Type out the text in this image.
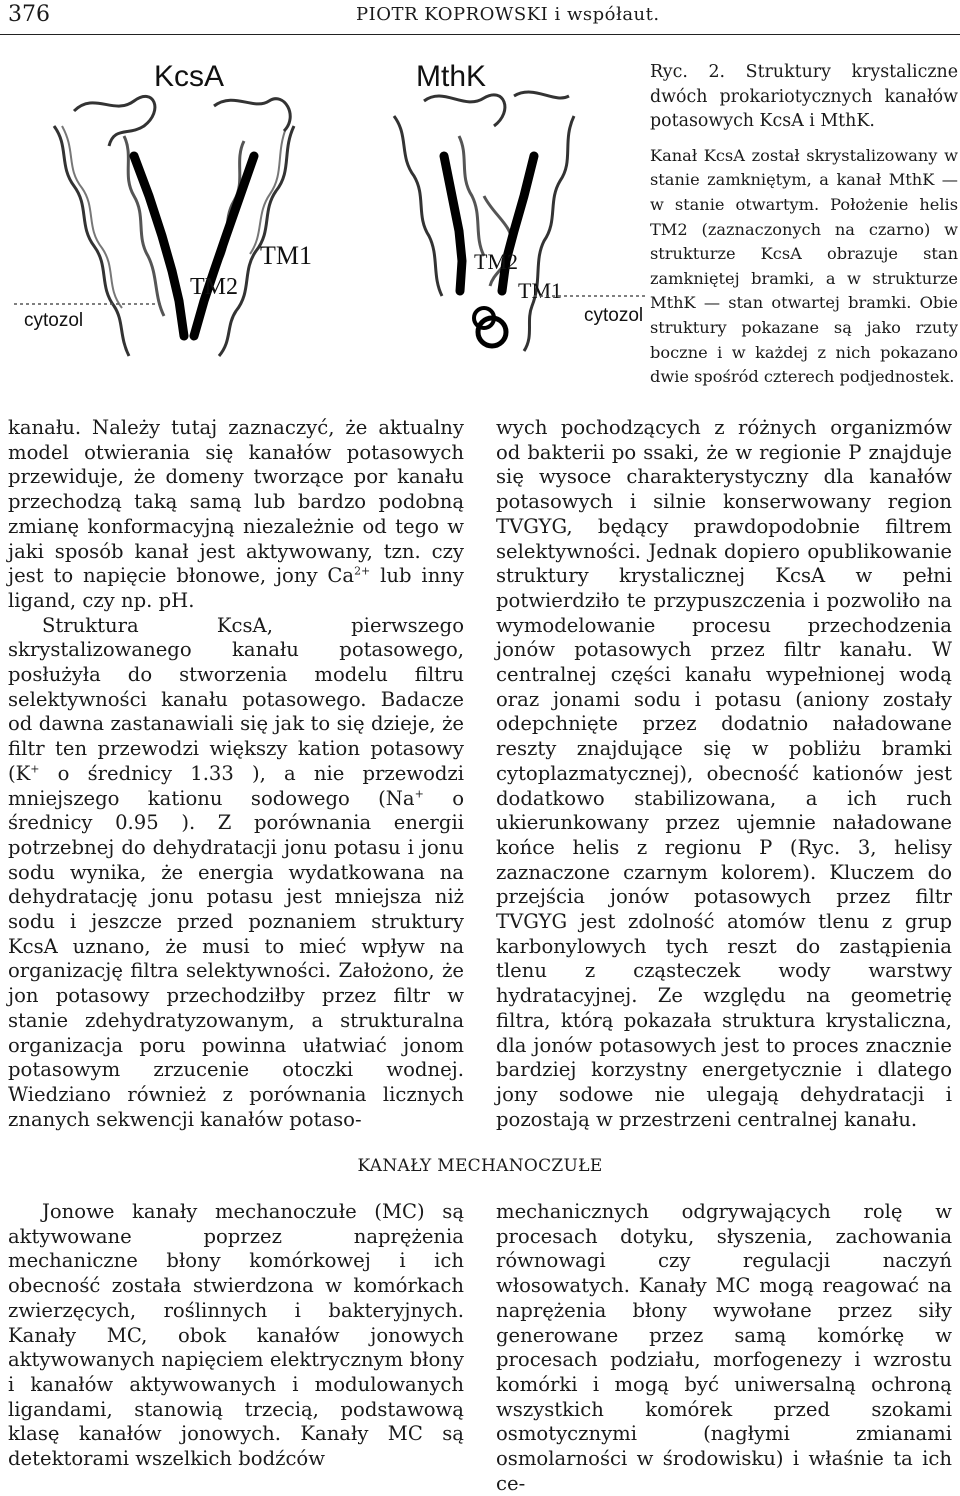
376	PIOTR KOPROWSKI i współaut.
KcsA	MthK
TM1
TM2
cytozol
TM2
TM1
cytozol

Ryc. 2. Struktury krystaliczne dwóch prokariotycznych kanałów potasowych KcsA i MthK.

Kanał KcsA został skrystalizowany w stanie zamkniętym, a kanał MthK — w stanie otwartym. Położenie helis TM2 (zaznaczonych na czarno) w strukturze KcsA obrazuje stan zamkniętej bramki, a w strukturze MthK — stan otwartej bramki. Obie struktury pokazane są jako rzuty boczne i w każdej z nich pokazano dwie spośród czterech podjednostek.

kanału. Należy tutaj zaznaczyć, że aktualny model otwierania się kanałów potasowych przewiduje, że domeny tworzące por kanału przechodzą taką samą lub bardzo podobną zmianę konformacyjną niezależnie od tego w jaki sposób kanał jest aktywowany, tzn. czy jest to napięcie błonowe, jony $Ca^{2+}$ lub inny ligand, czy np. pH.

Struktura KcsA, pierwszego skrystalizowanego kanału potasowego, posłużyła do stworzenia modelu filtru selektywności kanału potasowego. Badacze od dawna zastanawiali się jak to się dzieje, że filtr ten przewodzi większy kation potasowy (K+ o średnicy 1.33 ), a nie przewodzi mniejszego kationu sodowego (Na+ o średnicy 0.95 ). Z porównania energii potrzebnej do dehydratacji jonu potasu i jonu sodu wynika, że energia wydatkowana na dehydratację jonu potasu jest mniejsza niż sodu i jeszcze przed poznaniem struktury KcsA uznano, że musi to mieć wpływ na organizację filtra selektywności. Założono, że jon potasowy przechodziłby przez filtr w stanie zdehydratyzowanym, a strukturalna organizacja poru powinna ułatwiać jonom potasowym zrzucenie otoczki wodnej. Wiedziano również z porównania licznych znanych sekwencji kanałów potaso-

wych pochodzących z różnych organizmów od bakterii po ssaki, że w regionie P znajduje się wysoce charakterystyczny dla kanałów potasowych i silnie konserwowany region TVGYG, będący prawdopodobnie filtrem selektywności. Jednak dopiero opublikowanie struktury krystalicznej KcsA w pełni potwierdziło te przypuszczenia i pozwoliło na wymodelowanie procesu przechodzenia jonów potasowych przez filtr kanału. W centralnej części kanału wypełnionej wodą oraz jonami sodu i potasu (aniony zostały odepchnięte przez dodatnio naładowane reszty znajdujące się w pobliżu bramki cytoplazmatycznej), obecność kationów jest dodatkowo stabilizowana, a ich ruch ukierunkowany przez ujemnie naładowane końce helis z regionu P (Ryc. 3, helisy zaznaczone czarnym kolorem). Kluczem do przejścia jonów potasowych przez filtr TVGYG jest zdolność atomów tlenu z grup karbonylowych tych reszt do zastąpienia tlenu z cząsteczek wody warstwy hydratacyjnej. Ze względu na geometrię filtra, którą pokazała struktura krystaliczna, dla jonów potasowych jest to proces znacznie bardziej korzystny energetycznie i dlatego jony sodowe nie ulegają dehydratacji i pozostają w przestrzeni centralnej kanału.

KANAŁY MECHANOCZUŁE

Jonowe kanały mechanoczułe (MC) są aktywowane poprzez naprężenia mechaniczne błony komórkowej i ich obecność została stwierdzona w komórkach zwierzęcych, roślinnych i bakteryjnych. Kanały MC, obok kanałów jonowych aktywowanych napięciem elektrycznym błony i kanałów aktywowanych i modulowanych ligandami, stanowią trzecią, podstawową klasę kanałów jonowych. Kanały MC są detektorami wszelkich bodźców

mechanicznych odgrywających rolę w procesach dotyku, słyszenia, zachowania równowagi czy regulacji naczyń włosowatych. Kanały MC mogą reagować na naprężenia błony wywołane przez siły generowane przez samą komórkę w procesach podziału, morfogenezy i wzrostu komórki i mogą być uniwersalną ochroną wszystkich komórek przed szokami osmotycznymi (nagłymi zmianami osmolarności w środowisku) i właśnie ta ich ce-
